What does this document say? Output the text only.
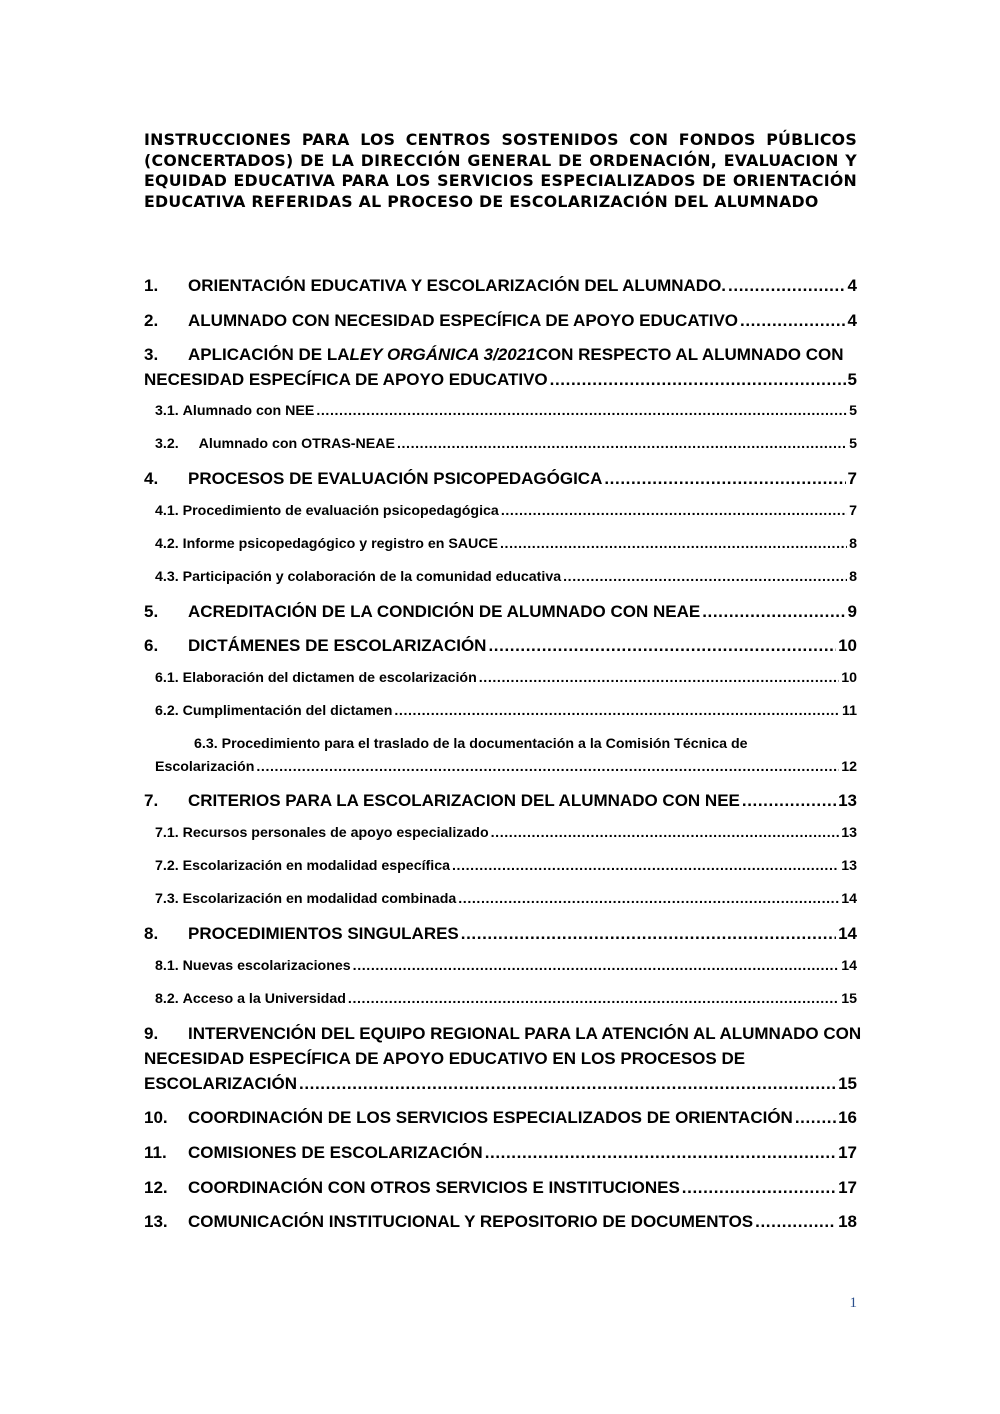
INSTRUCCIONES PARA LOS CENTROS SOSTENIDOS CON FONDOS PÚBLICOS (CONCERTADOS) DE LA DIRECCIÓN GENERAL DE ORDENACIÓN, EVALUACION Y EQUIDAD EDUCATIVA PARA LOS SERVICIOS ESPECIALIZADOS DE ORIENTACIÓN EDUCATIVA REFERIDAS AL PROCESO DE ESCOLARIZACIÓN DEL ALUMNADO
1.	ORIENTACIÓN EDUCATIVA Y ESCOLARIZACIÓN DEL ALUMNADO. .....	4
2.	ALUMNADO CON NECESIDAD ESPECÍFICA DE APOYO EDUCATIVO .....	4
3.	APLICACIÓN DE LA LEY ORGÁNICA 3/2021 CON RESPECTO AL ALUMNADO CON
NECESIDAD ESPECÍFICA DE APOYO EDUCATIVO .....	5
3.1. Alumnado con NEE .....	5
3.2. Alumnado con OTRAS-NEAE .....	5
4.	PROCESOS DE EVALUACIÓN PSICOPEDAGÓGICA .....	7
4.1. Procedimiento de evaluación psicopedagógica .....	7
4.2. Informe psicopedagógico y registro en SAUCE .....	8
4.3. Participación y colaboración de la comunidad educativa .....	8
5.	ACREDITACIÓN DE LA CONDICIÓN DE ALUMNADO CON NEAE .....	9
6.	DICTÁMENES DE ESCOLARIZACIÓN .....	10
6.1. Elaboración del dictamen de escolarización .....	10
6.2. Cumplimentación del dictamen .....	11
6.3.
Procedimiento para el traslado de la documentación a la Comisión Técnica de
Escolarización .....	12
7.	CRITERIOS PARA LA ESCOLARIZACION DEL ALUMNADO CON NEE .....	13
7.1. Recursos personales de apoyo especializado .....	13
7.2. Escolarización en modalidad específica .....	13
7.3. Escolarización en modalidad combinada .....	14
8.	PROCEDIMIENTOS SINGULARES .....	14
8.1. Nuevas escolarizaciones .....	14
8.2. Acceso a la Universidad .....	15
9.	INTERVENCIÓN DEL EQUIPO REGIONAL PARA LA ATENCIÓN AL ALUMNADO CON
NECESIDAD ESPECÍFICA DE APOYO EDUCATIVO EN LOS PROCESOS DE
ESCOLARIZACIÓN .....	15
10.	COORDINACIÓN DE LOS SERVICIOS ESPECIALIZADOS DE ORIENTACIÓN .....	16
11.	COMISIONES DE ESCOLARIZACIÓN .....	17
12.	COORDINACIÓN CON OTROS SERVICIOS E INSTITUCIONES .....	17
13.	COMUNICACIÓN INSTITUCIONAL Y REPOSITORIO DE DOCUMENTOS .....	18
1
